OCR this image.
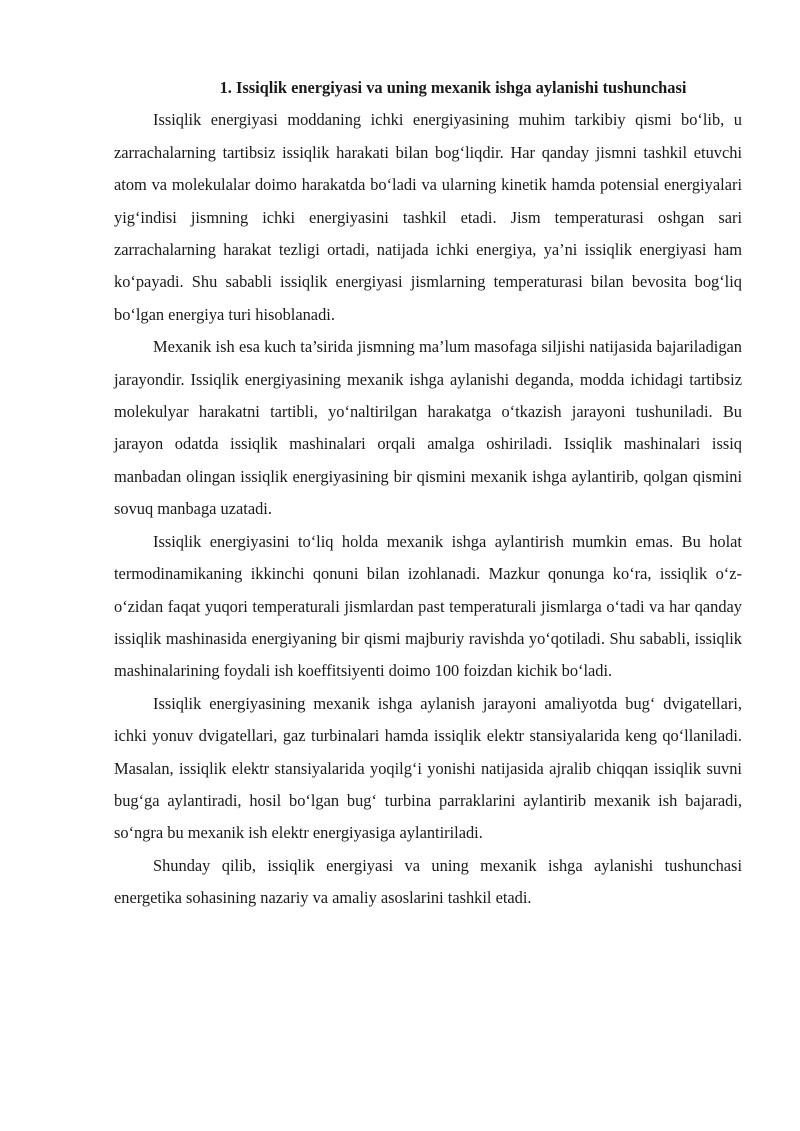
1. Issiqlik energiyasi va uning mexanik ishga aylanishi tushunchasi

Issiqlik energiyasi moddaning ichki energiyasining muhim tarkibiy qismi bo‘lib, u zarrachalarning tartibsiz issiqlik harakati bilan bog‘liqdir. Har qanday jismni tashkil etuvchi atom va molekulalar doimo harakatda bo‘ladi va ularning kinetik hamda potensial energiyalari yig‘indisi jismning ichki energiyasini tashkil etadi. Jism temperaturasi oshgan sari zarrachalarning harakat tezligi ortadi, natijada ichki energiya, ya’ni issiqlik energiyasi ham ko‘payadi. Shu sababli issiqlik energiyasi jismlarning temperaturasi bilan bevosita bog‘liq bo‘lgan energiya turi hisoblanadi.

Mexanik ish esa kuch ta’sirida jismning ma’lum masofaga siljishi natijasida bajariladigan jarayondir. Issiqlik energiyasining mexanik ishga aylanishi deganda, modda ichidagi tartibsiz molekulyar harakatni tartibli, yo‘naltirilgan harakatga o‘tkazish jarayoni tushuniladi. Bu jarayon odatda issiqlik mashinalari orqali amalga oshiriladi. Issiqlik mashinalari issiq manbadan olingan issiqlik energiyasining bir qismini mexanik ishga aylantirib, qolgan qismini sovuq manbaga uzatadi.

Issiqlik energiyasini to‘liq holda mexanik ishga aylantirish mumkin emas. Bu holat termodinamikaning ikkinchi qonuni bilan izohlanadi. Mazkur qonunga ko‘ra, issiqlik o‘z-o‘zidan faqat yuqori temperaturali jismlardan past temperaturali jismlarga o‘tadi va har qanday issiqlik mashinasida energiyaning bir qismi majburiy ravishda yo‘qotiladi. Shu sababli, issiqlik mashinalarining foydali ish koeffitsiyenti doimo 100 foizdan kichik bo‘ladi.

Issiqlik energiyasining mexanik ishga aylanish jarayoni amaliyotda bug‘ dvigatellari, ichki yonuv dvigatellari, gaz turbinalari hamda issiqlik elektr stansiyalarida keng qo‘llaniladi. Masalan, issiqlik elektr stansiyalarida yoqilg‘i yonishi natijasida ajralib chiqqan issiqlik suvni bug‘ga aylantiradi, hosil bo‘lgan bug‘ turbina parraklarini aylantirib mexanik ish bajaradi, so‘ngra bu mexanik ish elektr energiyasiga aylantiriladi.

Shunday qilib, issiqlik energiyasi va uning mexanik ishga aylanishi tushunchasi energetika sohasining nazariy va amaliy asoslarini tashkil etadi.
